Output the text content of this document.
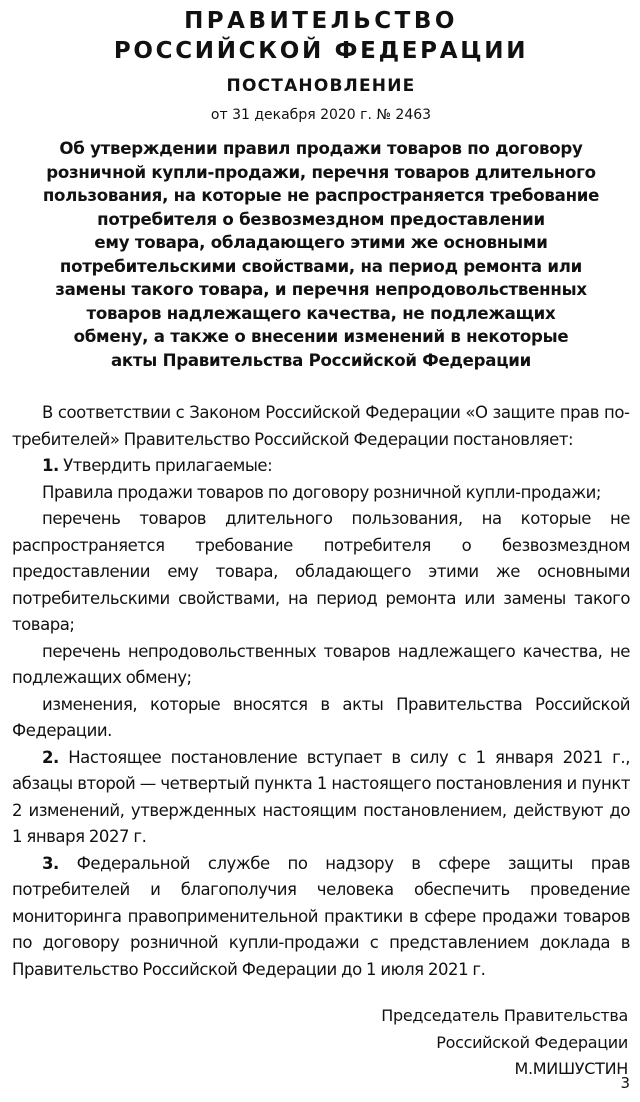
ПРАВИТЕЛЬСТВО
РОССИЙСКОЙ ФЕДЕРАЦИИ
ПОСТАНОВЛЕНИЕ
от 31 декабря 2020 г. № 2463
Об утверждении правил продажи товаров по договору
розничной купли-продажи, перечня товаров длительного
пользования, на которые не распространяется требование
потребителя о безвозмездном предоставлении
ему товара, обладающего этими же основными
потребительскими свойствами, на период ремонта или
замены такого товара, и перечня непродовольственных
товаров надлежащего качества, не подлежащих
обмену, а также о внесении изменений в некоторые
акты Правительства Российской Федерации

В соответствии с Законом Российской Федерации «О защите прав потребителей» Правительство Российской Федерации постановляет:

1. Утвердить прилагаемые:

Правила продажи товаров по договору розничной купли-продажи;

перечень товаров длительного пользования, на которые не распространяется требование потребителя о безвозмездном предоставлении ему товара, обладающего этими же основными потребительскими свойствами, на период ремонта или замены такого товара;

перечень непродовольственных товаров надлежащего качества, не подлежащих обмену;

изменения, которые вносятся в акты Правительства Российской Федерации.

2. Настоящее постановление вступает в силу с 1 января 2021 г., абзацы второй — четвертый пункта 1 настоящего постановления и пункт 2 изменений, утвержденных настоящим постановлением, действуют до 1 января 2027 г.

3. Федеральной службе по надзору в сфере защиты прав потребителей и благополучия человека обеспечить проведение мониторинга правоприменительной практики в сфере продажи товаров по договору розничной купли-продажи с представлением доклада в Правительство Российской Федерации до 1 июля 2021 г.

Председатель Правительства
Российской Федерации
М.МИШУСТИН
3
